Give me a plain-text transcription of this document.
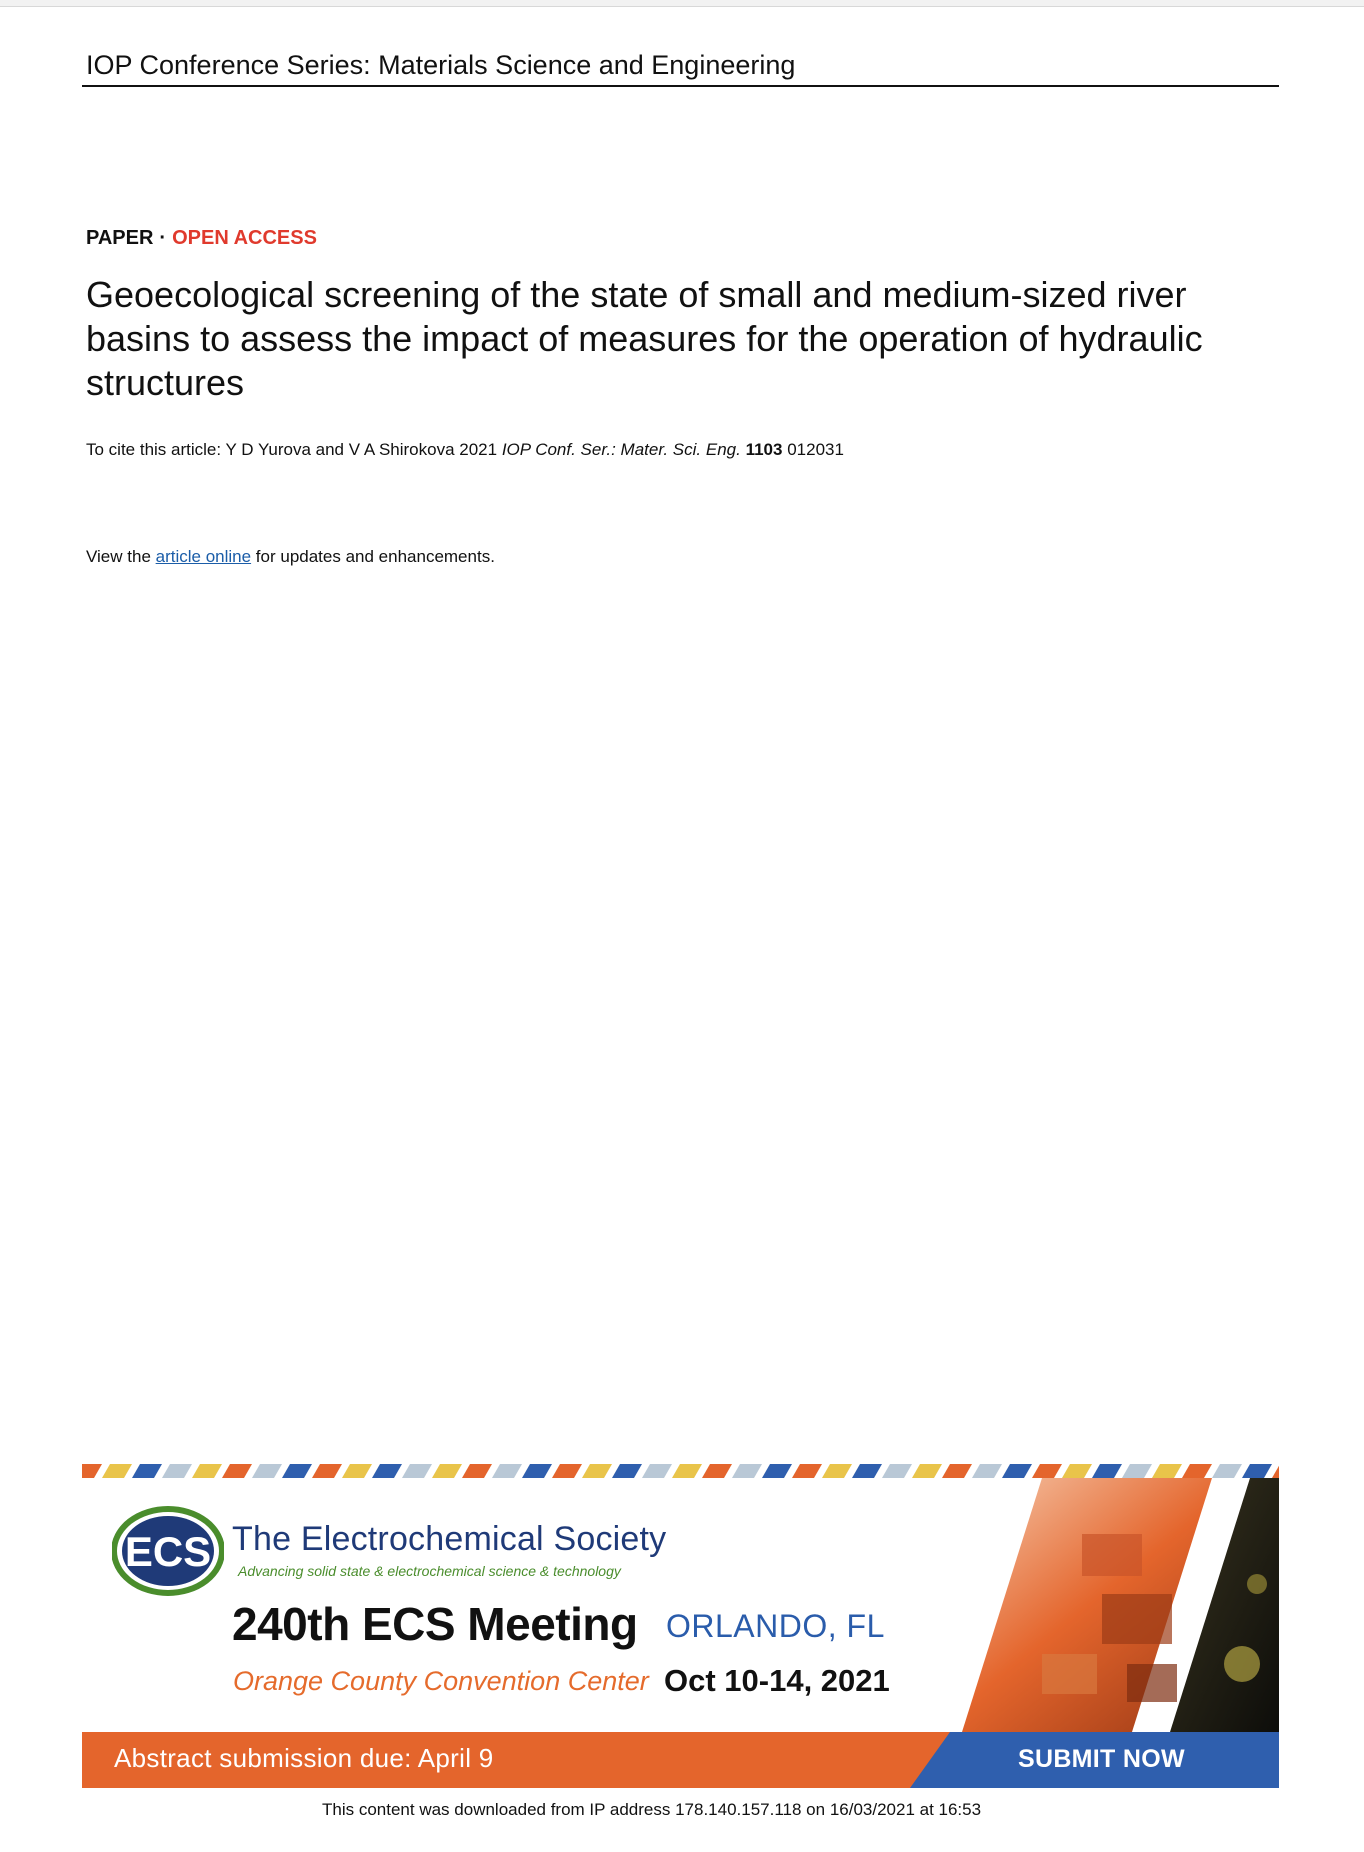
IOP Conference Series: Materials Science and Engineering
PAPER · OPEN ACCESS
Geoecological screening of the state of small and medium-sized river basins to assess the impact of measures for the operation of hydraulic structures
To cite this article: Y D Yurova and V A Shirokova 2021 IOP Conf. Ser.: Mater. Sci. Eng. 1103 012031
View the article online for updates and enhancements.
ECS The Electrochemical Society
Advancing solid state & electrochemical science & technology
240th ECS Meeting ORLANDO, FL
Orange County Convention Center Oct 10-14, 2021
Abstract submission due: April 9	SUBMIT NOW
This content was downloaded from IP address 178.140.157.118 on 16/03/2021 at 16:53
